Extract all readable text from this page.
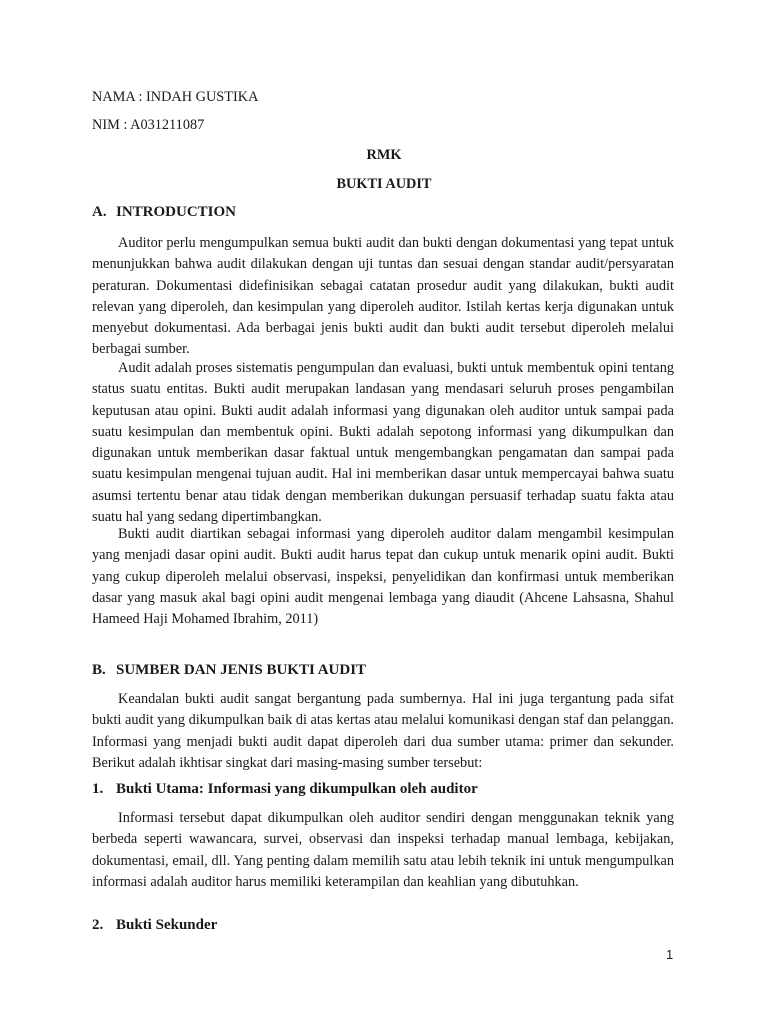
NAMA : INDAH GUSTIKA
NIM : A031211087
RMK
BUKTI AUDIT
A. INTRODUCTION

Auditor perlu mengumpulkan semua bukti audit dan bukti dengan dokumentasi yang tepat untuk menunjukkan bahwa audit dilakukan dengan uji tuntas dan sesuai dengan standar audit/persyaratan peraturan. Dokumentasi didefinisikan sebagai catatan prosedur audit yang dilakukan, bukti audit relevan yang diperoleh, dan kesimpulan yang diperoleh auditor. Istilah kertas kerja digunakan untuk menyebut dokumentasi. Ada berbagai jenis bukti audit dan bukti audit tersebut diperoleh melalui berbagai sumber.

Audit adalah proses sistematis pengumpulan dan evaluasi, bukti untuk membentuk opini tentang status suatu entitas. Bukti audit merupakan landasan yang mendasari seluruh proses pengambilan keputusan atau opini. Bukti audit adalah informasi yang digunakan oleh auditor untuk sampai pada suatu kesimpulan dan membentuk opini. Bukti adalah sepotong informasi yang dikumpulkan dan digunakan untuk memberikan dasar faktual untuk mengembangkan pengamatan dan sampai pada suatu kesimpulan mengenai tujuan audit. Hal ini memberikan dasar untuk mempercayai bahwa suatu asumsi tertentu benar atau tidak dengan memberikan dukungan persuasif terhadap suatu fakta atau suatu hal yang sedang dipertimbangkan.

Bukti audit diartikan sebagai informasi yang diperoleh auditor dalam mengambil kesimpulan yang menjadi dasar opini audit. Bukti audit harus tepat dan cukup untuk menarik opini audit. Bukti yang cukup diperoleh melalui observasi, inspeksi, penyelidikan dan konfirmasi untuk memberikan dasar yang masuk akal bagi opini audit mengenai lembaga yang diaudit (Ahcene Lahsasna, Shahul Hameed Haji Mohamed Ibrahim, 2011)

B. SUMBER DAN JENIS BUKTI AUDIT

Keandalan bukti audit sangat bergantung pada sumbernya. Hal ini juga tergantung pada sifat bukti audit yang dikumpulkan baik di atas kertas atau melalui komunikasi dengan staf dan pelanggan. Informasi yang menjadi bukti audit dapat diperoleh dari dua sumber utama: primer dan sekunder. Berikut adalah ikhtisar singkat dari masing-masing sumber tersebut:

1. Bukti Utama: Informasi yang dikumpulkan oleh auditor

Informasi tersebut dapat dikumpulkan oleh auditor sendiri dengan menggunakan teknik yang berbeda seperti wawancara, survei, observasi dan inspeksi terhadap manual lembaga, kebijakan, dokumentasi, email, dll. Yang penting dalam memilih satu atau lebih teknik ini untuk mengumpulkan informasi adalah auditor harus memiliki keterampilan dan keahlian yang dibutuhkan.

2. Bukti Sekunder
1
